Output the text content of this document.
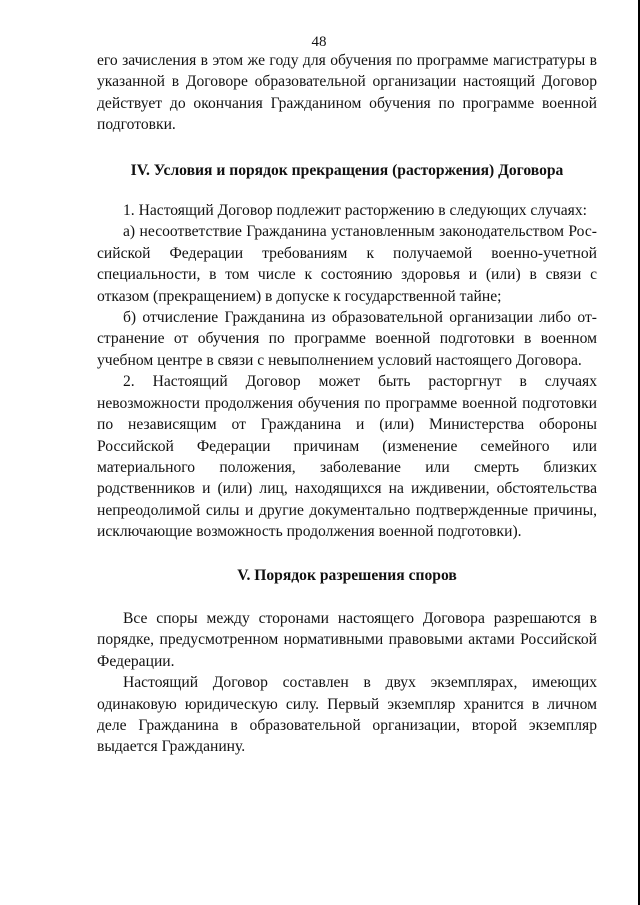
48

его зачисления в этом же году для обучения по программе магистратуры в указанной в Договоре образовательной организации настоящий Договор действует до окончания Гражданином обучения по программе военной подготовки.

IV. Условия и порядок прекращения (расторжения) Договора

1. Настоящий Договор подлежит расторжению в следующих случаях:

а) несоответствие Гражданина установленным законодательством Российской Федерации требованиям к получаемой военно-учетной специальности, в том числе к состоянию здоровья и (или) в связи с отказом (прекращением) в допуске к государственной тайне;

б) отчисление Гражданина из образовательной организации либо отстранение от обучения по программе военной подготовки в военном учебном центре в связи с невыполнением условий настоящего Договора.

2. Настоящий Договор может быть расторгнут в случаях невозможности продолжения обучения по программе военной подготовки по независящим от Гражданина и (или) Министерства обороны Российской Федерации причинам (изменение семейного или материального положения, заболевание или смерть близких родственников и (или) лиц, находящихся на иждивении, обстоятельства непреодолимой силы и другие документально подтвержденные причины, исключающие возможность продолжения военной подготовки).

V. Порядок разрешения споров

Все споры между сторонами настоящего Договора разрешаются в порядке, предусмотренном нормативными правовыми актами Российской Федерации.

Настоящий Договор составлен в двух экземплярах, имеющих одинаковую юридическую силу. Первый экземпляр хранится в личном деле Гражданина в образовательной организации, второй экземпляр выдается Гражданину.
